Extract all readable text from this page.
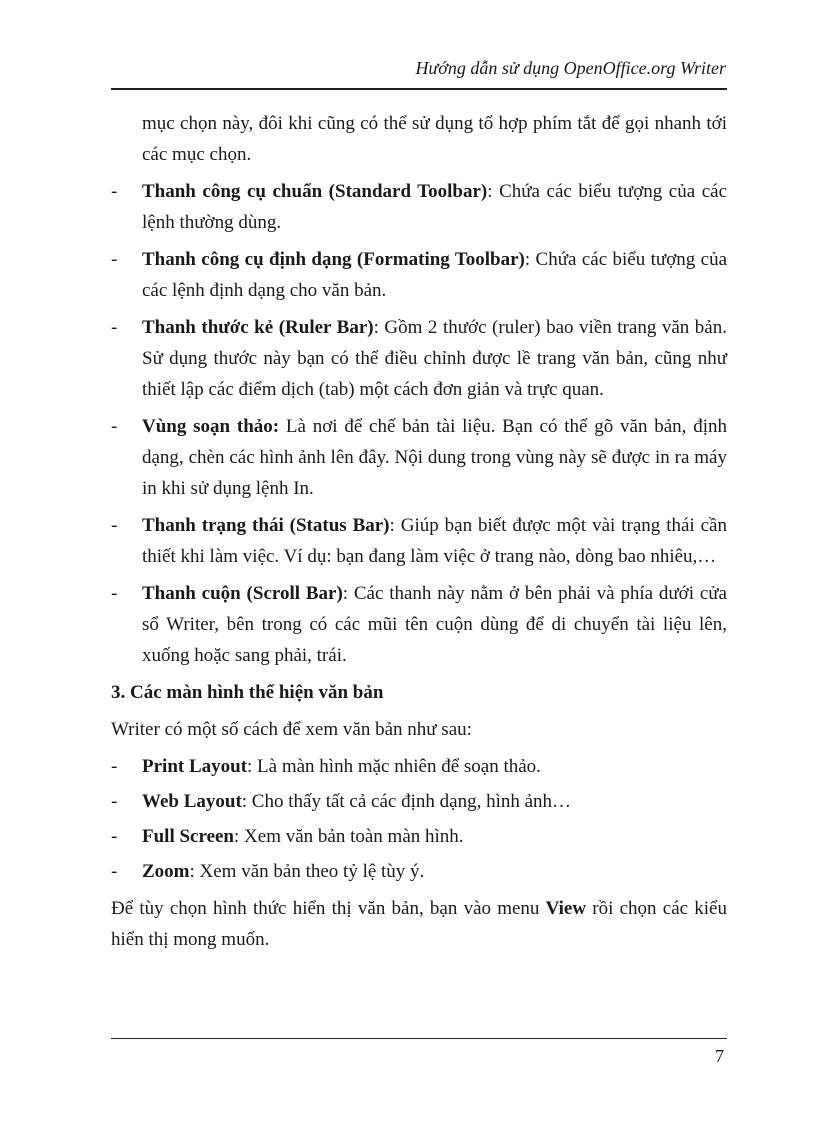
Hướng dẫn sử dụng OpenOffice.org Writer

mục chọn này, đôi khi cũng có thể sử dụng tổ hợp phím tắt để gọi nhanh tới các mục chọn.

- Thanh công cụ chuẩn (Standard Toolbar): Chứa các biểu tượng của các lệnh thường dùng.
- Thanh công cụ định dạng (Formating Toolbar): Chứa các biểu tượng của các lệnh định dạng cho văn bản.
- Thanh thước kẻ (Ruler Bar): Gồm 2 thước (ruler) bao viền trang văn bản. Sử dụng thước này bạn có thể điều chỉnh được lề trang văn bản, cũng như thiết lập các điểm dịch (tab) một cách đơn giản và trực quan.
- Vùng soạn thảo: Là nơi để chế bản tài liệu. Bạn có thể gõ văn bản, định dạng, chèn các hình ảnh lên đây. Nội dung trong vùng này sẽ được in ra máy in khi sử dụng lệnh In.
- Thanh trạng thái (Status Bar): Giúp bạn biết được một vài trạng thái cần thiết khi làm việc. Ví dụ: bạn đang làm việc ở trang nào, dòng bao nhiêu,…
- Thanh cuộn (Scroll Bar): Các thanh này nằm ở bên phải và phía dưới cửa sổ Writer, bên trong có các mũi tên cuộn dùng để di chuyển tài liệu lên, xuống hoặc sang phải, trái.

3. Các màn hình thể hiện văn bản

Writer có một số cách để xem văn bản như sau:

- Print Layout: Là màn hình mặc nhiên để soạn thảo.
- Web Layout: Cho thấy tất cả các định dạng, hình ảnh…
- Full Screen: Xem văn bản toàn màn hình.
- Zoom: Xem văn bản theo tỷ lệ tùy ý.

Để tùy chọn hình thức hiển thị văn bản, bạn vào menu View rồi chọn các kiểu hiển thị mong muốn.

7
